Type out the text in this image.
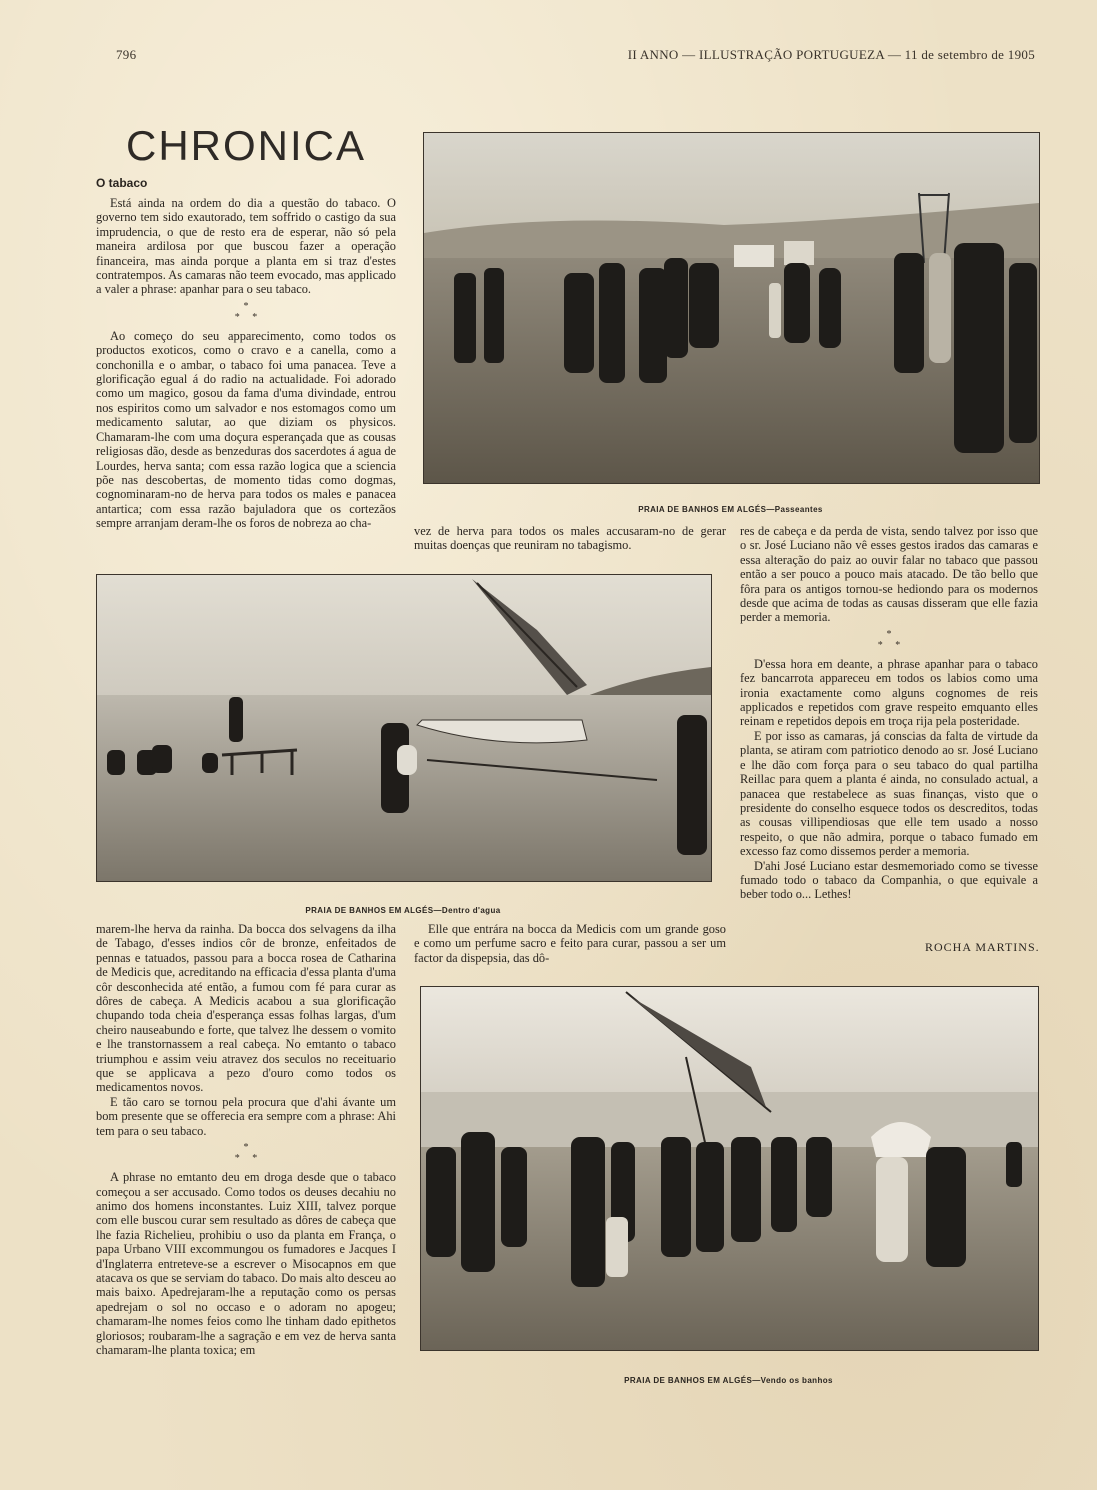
796	II ANNO — ILLUSTRAÇÃO PORTUGUEZA — 11 de setembro de 1905
CHRONICA
O tabaco

Está ainda na ordem do dia a questão do tabaco. O governo tem sido exautorado, tem soffrido o castigo da sua imprudencia, o que de resto era de esperar, não só pela maneira ardilosa por que buscou fazer a operação financeira, mas ainda porque a planta em si traz d'estes contratempos. As camaras não teem evocado, mas applicado a valer a phrase: apanhar para o seu tabaco.

*
*     *

Ao começo do seu apparecimento, como todos os productos exoticos, como o cravo e a canella, como a conchonilla e o ambar, o tabaco foi uma panacea. Teve a glorificação egual á do radio na actualidade. Foi adorado como um magico, gosou da fama d'uma divindade, entrou nos espiritos como um salvador e nos estomagos como um medicamento salutar, ao que diziam os physicos. Chamaram-lhe com uma doçura esperançada que as cousas religiosas dão, desde as benzeduras dos sacerdotes á agua de Lourdes, herva santa; com essa razão logica que a sciencia põe nas descobertas, de momento tidas como dogmas, cognominaram-no de herva para todos os males e panacea antartica; com essa razão bajuladora que os cortezãos sempre arranjam deram-lhe os foros de nobreza ao cha-

PRAIA DE BANHOS EM ALGÉS—Passeantes

vez de herva para todos os males accusaram-no de gerar muitas doenças que reuniram no tabagismo.

res de cabeça e da perda de vista, sendo talvez por isso que o sr. José Luciano não vê esses gestos irados das camaras e essa alteração do paiz ao ouvir falar no tabaco que passou então a ser pouco a pouco mais atacado. De tão bello que fôra para os antigos tornou-se hediondo para os modernos desde que acima de todas as causas disseram que elle fazia perder a memoria.

*
*     *

D'essa hora em deante, a phrase apanhar para o tabaco fez bancarrota appareceu em todos os labios como uma ironia exactamente como alguns cognomes de reis applicados e repetidos com grave respeito emquanto elles reinam e repetidos depois em troça rija pela posteridade.

E por isso as camaras, já conscias da falta de virtude da planta, se atiram com patriotico denodo ao sr. José Luciano e lhe dão com força para o seu tabaco do qual partilha Reillac para quem a planta é ainda, no consulado actual, a panacea que restabelece as suas finanças, visto que o presidente do conselho esquece todos os descreditos, todas as cousas villipendiosas que elle tem usado a nosso respeito, o que não admira, porque o tabaco fumado em excesso faz como dissemos perder a memoria.

D'ahi José Luciano estar desmemoriado como se tivesse fumado todo o tabaco da Companhia, o que equivale a beber todo o... Lethes!

ROCHA MARTINS.
PRAIA DE BANHOS EM ALGÉS—Dentro d'agua

marem-lhe herva da rainha. Da bocca dos selvagens da ilha de Tabago, d'esses indios côr de bronze, enfeitados de pennas e tatuados, passou para a bocca rosea de Catharina de Medicis que, acreditando na efficacia d'essa planta d'uma côr desconhecida até então, a fumou com fé para curar as dôres de cabeça. A Medicis acabou a sua glorificação chupando toda cheia d'esperança essas folhas largas, d'um cheiro nauseabundo e forte, que talvez lhe dessem o vomito e lhe transtornassem a real cabeça. No emtanto o tabaco triumphou e assim veiu atravez dos seculos no receituario que se applicava a pezo d'ouro como todos os medicamentos novos.

E tão caro se tornou pela procura que d'ahi ávante um bom presente que se offerecia era sempre com a phrase: Ahi tem para o seu tabaco.

*
*     *

A phrase no emtanto deu em droga desde que o tabaco começou a ser accusado. Como todos os deuses decahiu no animo dos homens inconstantes. Luiz XIII, talvez porque com elle buscou curar sem resultado as dôres de cabeça que lhe fazia Richelieu, prohibiu o uso da planta em França, o papa Urbano VIII excommungou os fumadores e Jacques I d'Inglaterra entreteve-se a escrever o Misocapnos em que atacava os que se serviam do tabaco. Do mais alto desceu ao mais baixo. Apedrejaram-lhe a reputação como os persas apedrejam o sol no occaso e o adoram no apogeu; chamaram-lhe nomes feios como lhe tinham dado epithetos gloriosos; roubaram-lhe a sagração e em vez de herva santa chamaram-lhe planta toxica; em

Elle que entrára na bocca da Medicis com um grande goso e como um perfume sacro e feito para curar, passou a ser um factor da dispepsia, das dô-

PRAIA DE BANHOS EM ALGÉS—Vendo os banhos
